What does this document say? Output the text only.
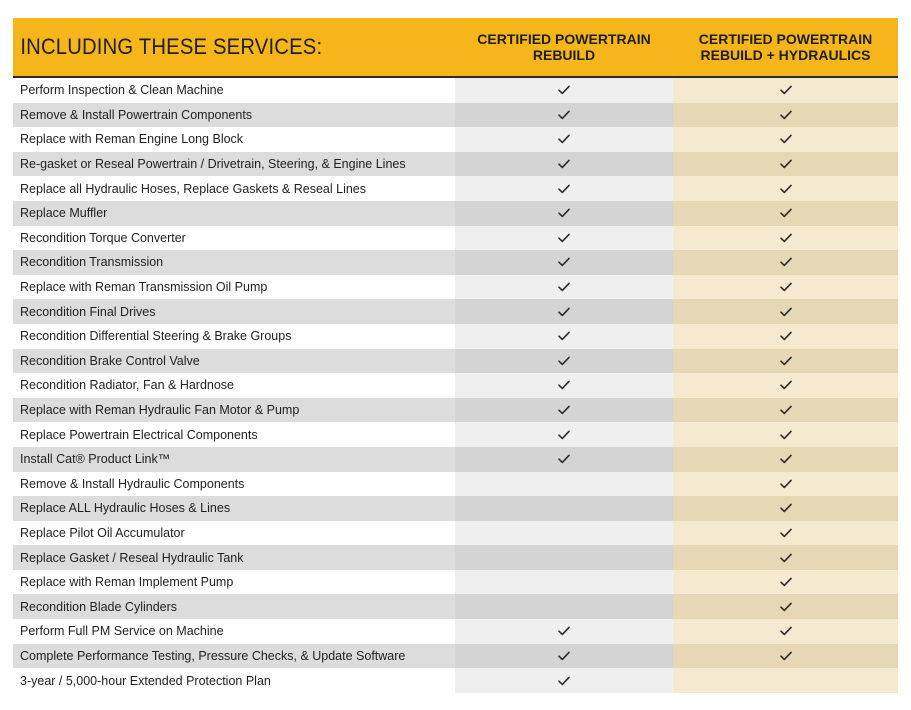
INCLUDING THESE SERVICES:	CERTIFIED POWERTRAIN
REBUILD
CERTIFIED POWERTRAIN
REBUILD + HYDRAULICS
Perform Inspection & Clean Machine
Remove & Install Powertrain Components
Replace with Reman Engine Long Block
Re-gasket or Reseal Powertrain / Drivetrain, Steering, & Engine Lines
Replace all Hydraulic Hoses, Replace Gaskets & Reseal Lines
Replace Muffler
Recondition Torque Converter
Recondition Transmission
Replace with Reman Transmission Oil Pump
Recondition Final Drives
Recondition Differential Steering & Brake Groups
Recondition Brake Control Valve
Recondition Radiator, Fan & Hardnose
Replace with Reman Hydraulic Fan Motor & Pump
Replace Powertrain Electrical Components
Install Cat® Product Link™
Remove & Install Hydraulic Components
Replace ALL Hydraulic Hoses & Lines
Replace Pilot Oil Accumulator
Replace Gasket / Reseal Hydraulic Tank
Replace with Reman Implement Pump
Recondition Blade Cylinders
Perform Full PM Service on Machine
Complete Performance Testing, Pressure Checks, & Update Software
3-year / 5,000-hour Extended Protection Plan
